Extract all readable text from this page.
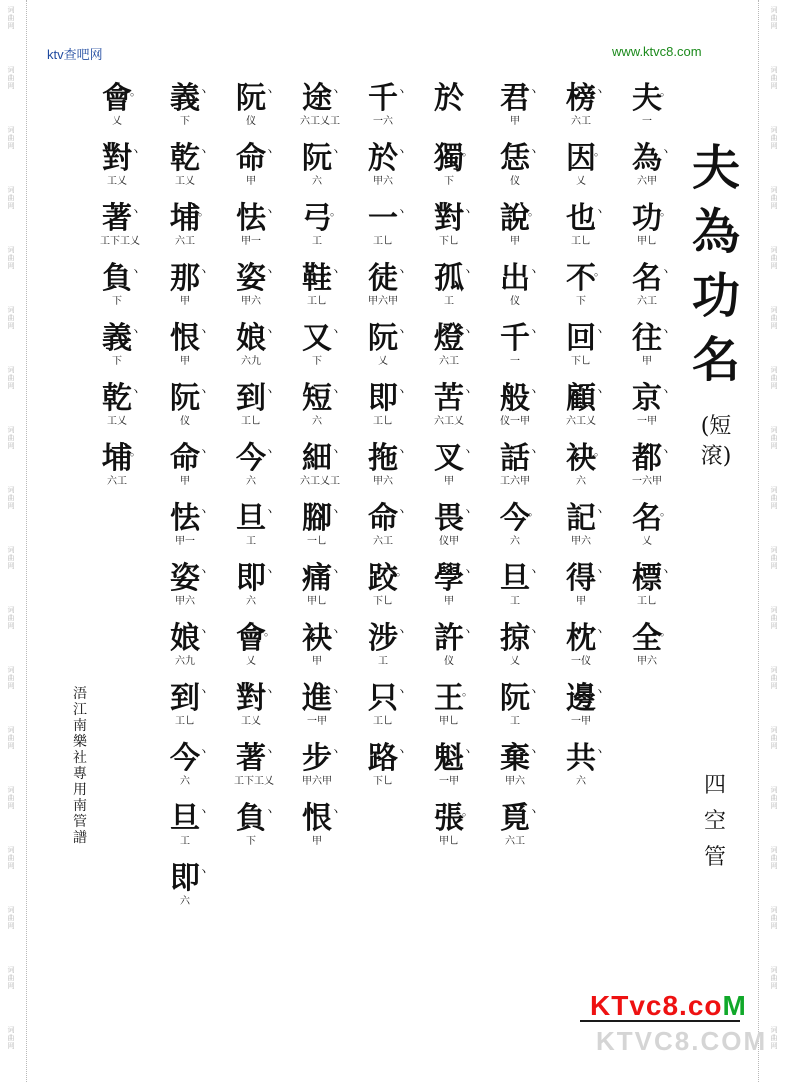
词曲网
词曲网
词曲网
词曲网
词曲网
词曲网
词曲网
词曲网
词曲网
词曲网
词曲网
词曲网
词曲网
词曲网
词曲网
词曲网
词曲网
词曲网
词曲网
词曲网
词曲网
词曲网
词曲网
词曲网
词曲网
词曲网
词曲网
词曲网
词曲网
词曲网
词曲网
词曲网
词曲网
词曲网
词曲网
词曲网
ktv查吧网	www.ktvc8.com
夫
為
功
名
(短 滾)
四
空
管
浯
江
南
樂
社
專
用
南
管
譜
夫
一
。
為
六甲
ヽ
功
甲乚
。
名
六工
ヽ
往
甲
ヽ
京
一甲
ヽ
都
一六甲
ヽ
名
乂
。
標
工乚
ヽ
全
甲六
。
榜
六工
ヽ
因
乂
。
也
工乚
ヽ
不
下
。
回
下乚
ヽ
顧
六工乂
ヽ
袂
六
。
記
甲六
ヽ
得
甲
ヽ
枕
一仪
ヽ
邊
一甲
ヽ
共
六
ヽ
君
甲
ヽ
恁
仪
ヽ
說
甲
。
出
仪
ヽ
千
一
ヽ
般
仪一甲
ヽ
話
工六甲
ヽ
今
六
。
旦
工
ヽ
掠
乂
ヽ
阮
工
ヽ
棄
甲六
ヽ
覓
六工
ヽ
於
獨
下
。
對
下乚
ヽ
孤
工
ヽ
燈
六工
ヽ
苦
六工乂
ヽ
叉
甲
ヽ
畏
仪甲
ヽ
學
甲
ヽ
許
仪
ヽ
王
甲乚
。
魁
一甲
ヽ
張
甲乚
。
千
一六
ヽ
於
甲六
ヽ
一
工乚
ヽ
徒
甲六甲
ヽ
阮
乂
ヽ
即
工乚
ヽ
拖
甲六
ヽ
命
六工
ヽ
跤
下乚
。
涉
工
ヽ
只
工乚
ヽ
路
下乚
ヽ
途
六工乂工
ヽ
阮
六
ヽ
弓
工
。
鞋
工乚
ヽ
又
下
ヽ
短
六
ヽ
細
六工乂工
ヽ
腳
一乚
ヽ
痛
甲乚
ヽ
袂
甲
ヽ
進
一甲
ヽ
步
甲六甲
ヽ
恨
甲
ヽ
阮
仪
ヽ
命
甲
ヽ
怯
甲一
ヽ
姿
甲六
ヽ
娘
六九
ヽ
到
工乚
ヽ
今
六
ヽ
旦
工
ヽ
即
六
ヽ
會
乂
。
對
工乂
ヽ
著
工下工乂
ヽ
負
下
ヽ
義
下
ヽ
乾
工乂
ヽ
埔
六工
。
那
甲
ヽ
恨
甲
ヽ
阮
仪
ヽ
命
甲
ヽ
怯
甲一
ヽ
姿
甲六
ヽ
娘
六九
ヽ
到
工乚
ヽ
今
六
ヽ
旦
工
ヽ
即
六
ヽ
會
乂
。
對
工乂
ヽ
著
工下工乂
ヽ
負
下
ヽ
義
下
ヽ
乾
工乂
ヽ
埔
六工
。
KTvc8.coM
KTVC8.COM
